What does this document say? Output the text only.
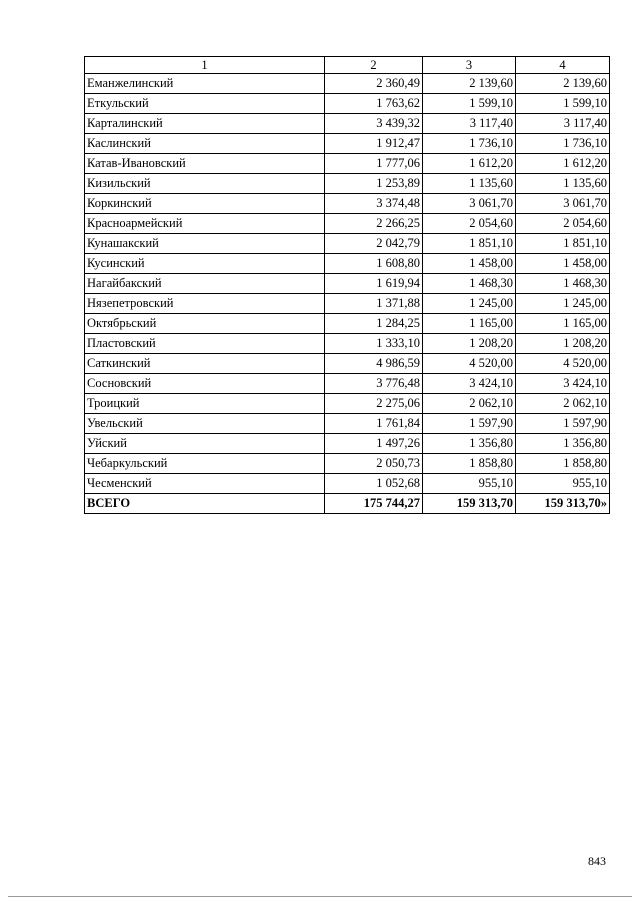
1	2	3	4
Еманжелинский	2 360,49	2 139,60	2 139,60
Еткульский	1 763,62	1 599,10	1 599,10
Карталинский	3 439,32	3 117,40	3 117,40
Каслинский	1 912,47	1 736,10	1 736,10
Катав-Ивановский	1 777,06	1 612,20	1 612,20
Кизильский	1 253,89	1 135,60	1 135,60
Коркинский	3 374,48	3 061,70	3 061,70
Красноармейский	2 266,25	2 054,60	2 054,60
Кунашакский	2 042,79	1 851,10	1 851,10
Кусинский	1 608,80	1 458,00	1 458,00
Нагайбакский	1 619,94	1 468,30	1 468,30
Нязепетровский	1 371,88	1 245,00	1 245,00
Октябрьский	1 284,25	1 165,00	1 165,00
Пластовский	1 333,10	1 208,20	1 208,20
Саткинский	4 986,59	4 520,00	4 520,00
Сосновский	3 776,48	3 424,10	3 424,10
Троицкий	2 275,06	2 062,10	2 062,10
Увельский	1 761,84	1 597,90	1 597,90
Уйский	1 497,26	1 356,80	1 356,80
Чебаркульский	2 050,73	1 858,80	1 858,80
Чесменский	1 052,68	955,10	955,10
ВСЕГО	175 744,27	159 313,70	159 313,70»
843
